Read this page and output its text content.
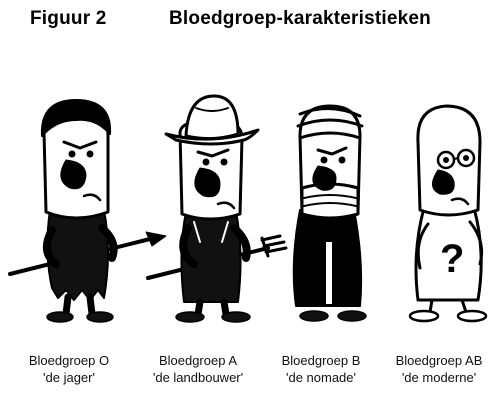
Figuur 2	Bloedgroep-karakteristieken
?
Bloedgroep O
'de jager'
Bloedgroep A
'de landbouwer'
Bloedgroep B
'de nomade'
Bloedgroep AB
'de moderne'
